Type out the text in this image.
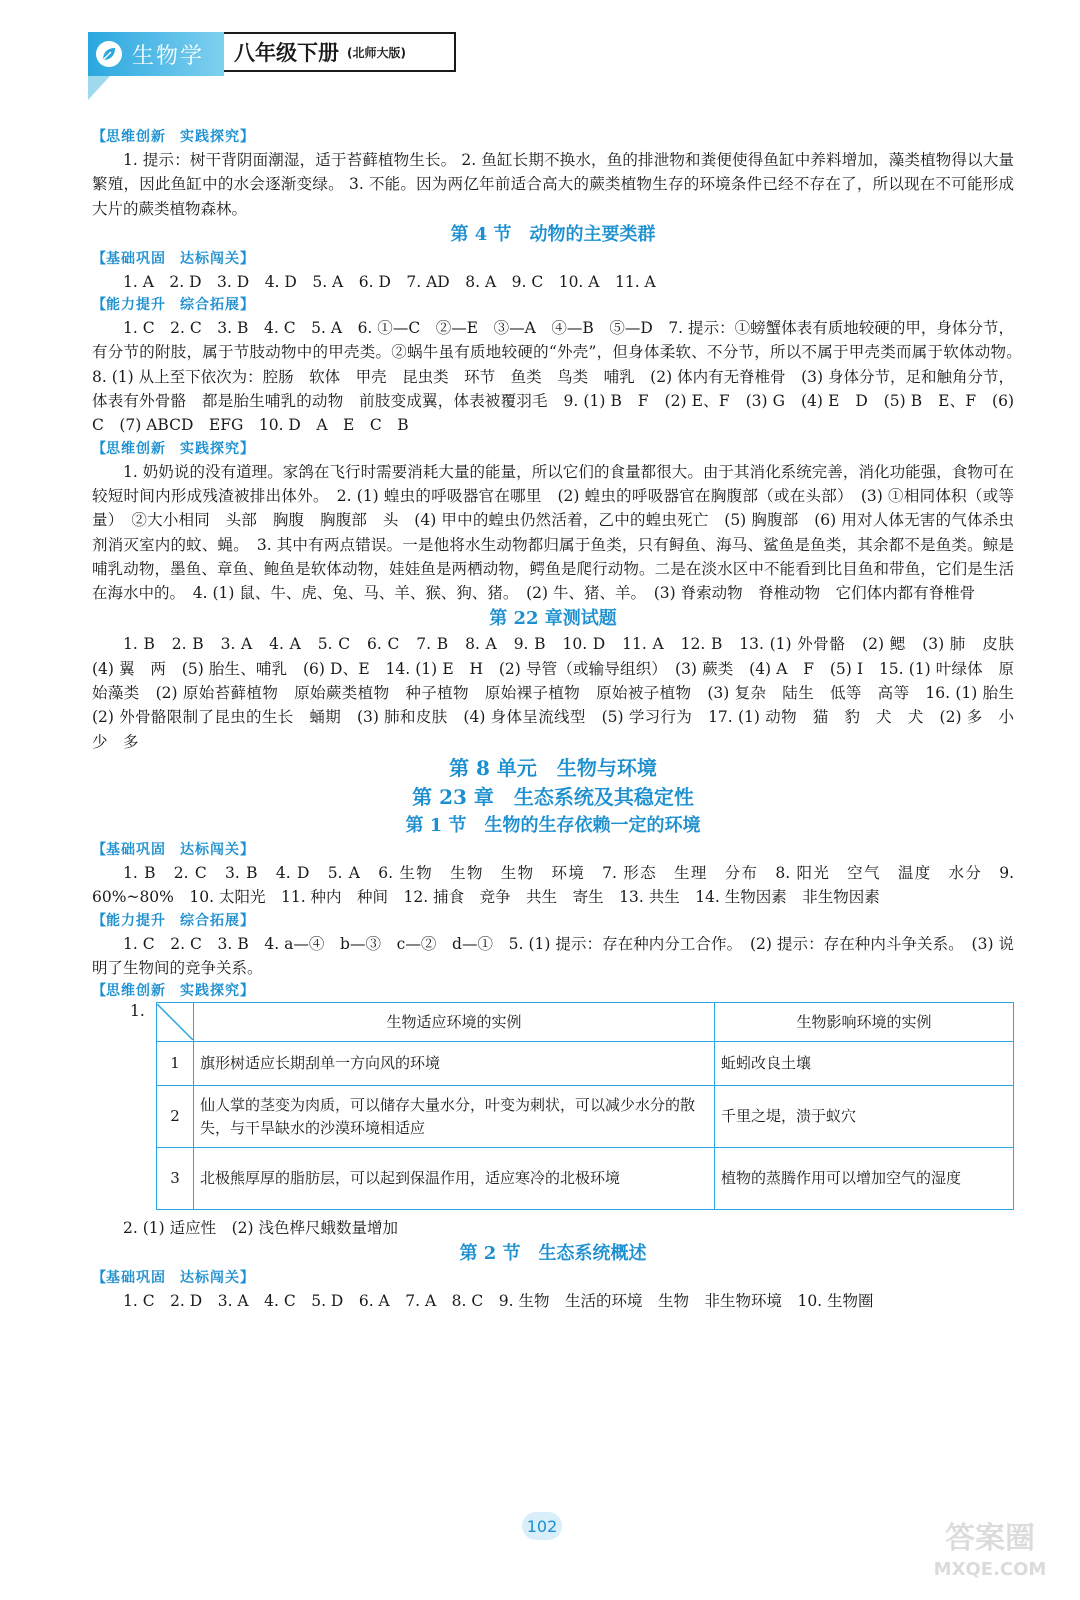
生物学 八年级下册 (北师大版)
【思维创新　 实践探究】

1. 提示：树干背阴面潮湿，适于苔藓植物生长。 2. 鱼缸长期不换水，鱼的排泄物和粪便使得鱼缸中养料增加，藻类植物得以大量繁殖，因此鱼缸中的水会逐渐变绿。 3. 不能。因为两亿年前适合高大的蕨类植物生存的环境条件已经不存在了，所以现在不可能形成大片的蕨类植物森林。

第 4 节　动物的主要类群
【基础巩固　 达标闯关】

1. A　2. D　3. D　4. D　5. A　6. D　7. AD　8. A　9. C　10. A　11. A

【能力提升　 综合拓展】

1. C　2. C　3. B　4. C　5. A　6. ①—C　②—E　③—A　④—B　⑤—D　7. 提示：①螃蟹体表有质地较硬的甲，身体分节，有分节的附肢，属于节肢动物中的甲壳类。②蜗牛虽有质地较硬的“外壳”，但身体柔软、不分节，所以不属于甲壳类而属于软体动物。　8. (1) 从上至下依次为：腔肠　软体　甲壳　昆虫类　环节　鱼类　鸟类　哺乳　(2) 体内有无脊椎骨　(3) 身体分节，足和触角分节，体表有外骨骼　都是胎生哺乳的动物　前肢变成翼，体表被覆羽毛　9. (1) B　F　(2) E、F　(3) G　(4) E　D　(5) B　E、F　(6) C　(7) ABCD　EFG　10. D　A　E　C　B

【思维创新　 实践探究】

1. 奶奶说的没有道理。家鸽在飞行时需要消耗大量的能量，所以它们的食量都很大。由于其消化系统完善，消化功能强，食物可在较短时间内形成残渣被排出体外。　2. (1) 蝗虫的呼吸器官在哪里　(2) 蝗虫的呼吸器官在胸腹部（或在头部）　(3) ①相同体积（或等量）　②大小相同　头部　胸腹　胸腹部　头　(4) 甲中的蝗虫仍然活着，乙中的蝗虫死亡　(5) 胸腹部　(6) 用对人体无害的气体杀虫剂消灭室内的蚊、蝇。　3. 其中有两点错误。一是他将水生动物都归属于鱼类，只有鲟鱼、海马、鲨鱼是鱼类，其余都不是鱼类。鲸是哺乳动物，墨鱼、章鱼、鲍鱼是软体动物，娃娃鱼是两栖动物，鳄鱼是爬行动物。二是在淡水区中不能看到比目鱼和带鱼，它们是生活在海水中的。　4. (1) 鼠、牛、虎、兔、马、羊、猴、狗、猪。　(2) 牛、猪、羊。　(3) 脊索动物　脊椎动物　它们体内都有脊椎骨

第 22 章测试题

1. B　2. B　3. A　4. A　5. C　6. C　7. B　8. A　9. B　10. D　11. A　12. B　13. (1) 外骨骼　(2) 鳃　(3) 肺　皮肤　(4) 翼　两　(5) 胎生、哺乳　(6) D、E　14. (1) E　H　(2) 导管（或输导组织）　(3) 蕨类　(4) A　F　(5) I　15. (1) 叶绿体　原始藻类　(2) 原始苔藓植物　原始蕨类植物　种子植物　原始裸子植物　原始被子植物　(3) 复杂　陆生　低等　高等　16. (1) 胎生　(2) 外骨骼限制了昆虫的生长　蛹期　(3) 肺和皮肤　(4) 身体呈流线型　(5) 学习行为　17. (1) 动物　猫　豹　犬　犬　(2) 多　小　少　多

第 8 单元　生物与环境
第 23 章　生态系统及其稳定性
第 1 节　生物的生存依赖一定的环境
【基础巩固　 达标闯关】

1. B　2. C　3. B　4. D　5. A　6. 生物　生物　生物　环境　7. 形态　生理　分布　8. 阳光　空气　温度　水分　9. 60%~80%　10. 太阳光　11. 种内　种间　12. 捕食　竞争　共生　寄生　13. 共生　14. 生物因素　非生物因素

【能力提升　 综合拓展】

1. C　2. C　3. B　4. a—④　b—③　c—②　d—①　5. (1) 提示：存在种内分工合作。　(2) 提示：存在种内斗争关系。　(3) 说明了生物间的竞争关系。

【思维创新　 实践探究】
1.
	生物适应环境的实例	生物影响环境的实例
1	旗形树适应长期刮单一方向风的环境	蚯蚓改良土壤
2	仙人掌的茎变为肉质，可以储存大量水分，叶变为刺状，可以减少水分的散失，与干旱缺水的沙漠环境相适应	千里之堤，溃于蚁穴
3	北极熊厚厚的脂肪层，可以起到保温作用，适应寒冷的北极环境	植物的蒸腾作用可以增加空气的湿度

2. (1) 适应性　(2) 浅色桦尺蛾数量增加

第 2 节　生态系统概述
【基础巩固　 达标闯关】

1. C　2. D　3. A　4. C　5. D　6. A　7. A　8. C　9. 生物　生活的环境　生物　非生物环境　10. 生物圈

102	答案圈
MXQE.COM
